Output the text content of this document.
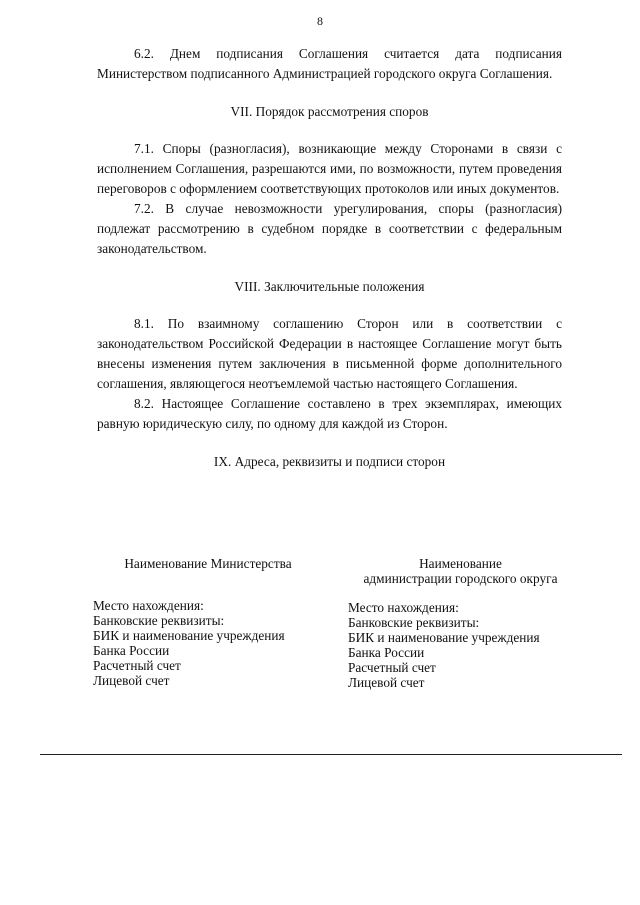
8

6.2. Днем подписания Соглашения считается дата подписания Министерством подписанного Администрацией городского округа Соглашения.

VII. Порядок рассмотрения споров

7.1. Споры (разногласия), возникающие между Сторонами в связи с исполнением Соглашения, разрешаются ими, по возможности, путем проведения переговоров с оформлением соответствующих протоколов или иных документов.

7.2. В случае невозможности урегулирования, споры (разногласия) подлежат рассмотрению в судебном порядке в соответствии с федеральным законодательством.

VIII. Заключительные положения

8.1. По взаимному соглашению Сторон или в соответствии с законодательством Российской Федерации в настоящее Соглашение могут быть внесены изменения путем заключения в письменной форме дополнительного соглашения, являющегося неотъемлемой частью настоящего Соглашения.

8.2. Настоящее Соглашение составлено в трех экземплярах, имеющих равную юридическую силу, по одному для каждой из Сторон.

IX. Адреса, реквизиты и подписи сторон

Наименование Министерства

Место нахождения:

Банковские реквизиты:

БИК и наименование учреждения

Банка России

Расчетный счет

Лицевой счет

Наименование

администрации городского округа

Место нахождения:

Банковские реквизиты:

БИК и наименование учреждения

Банка России

Расчетный счет

Лицевой счет
